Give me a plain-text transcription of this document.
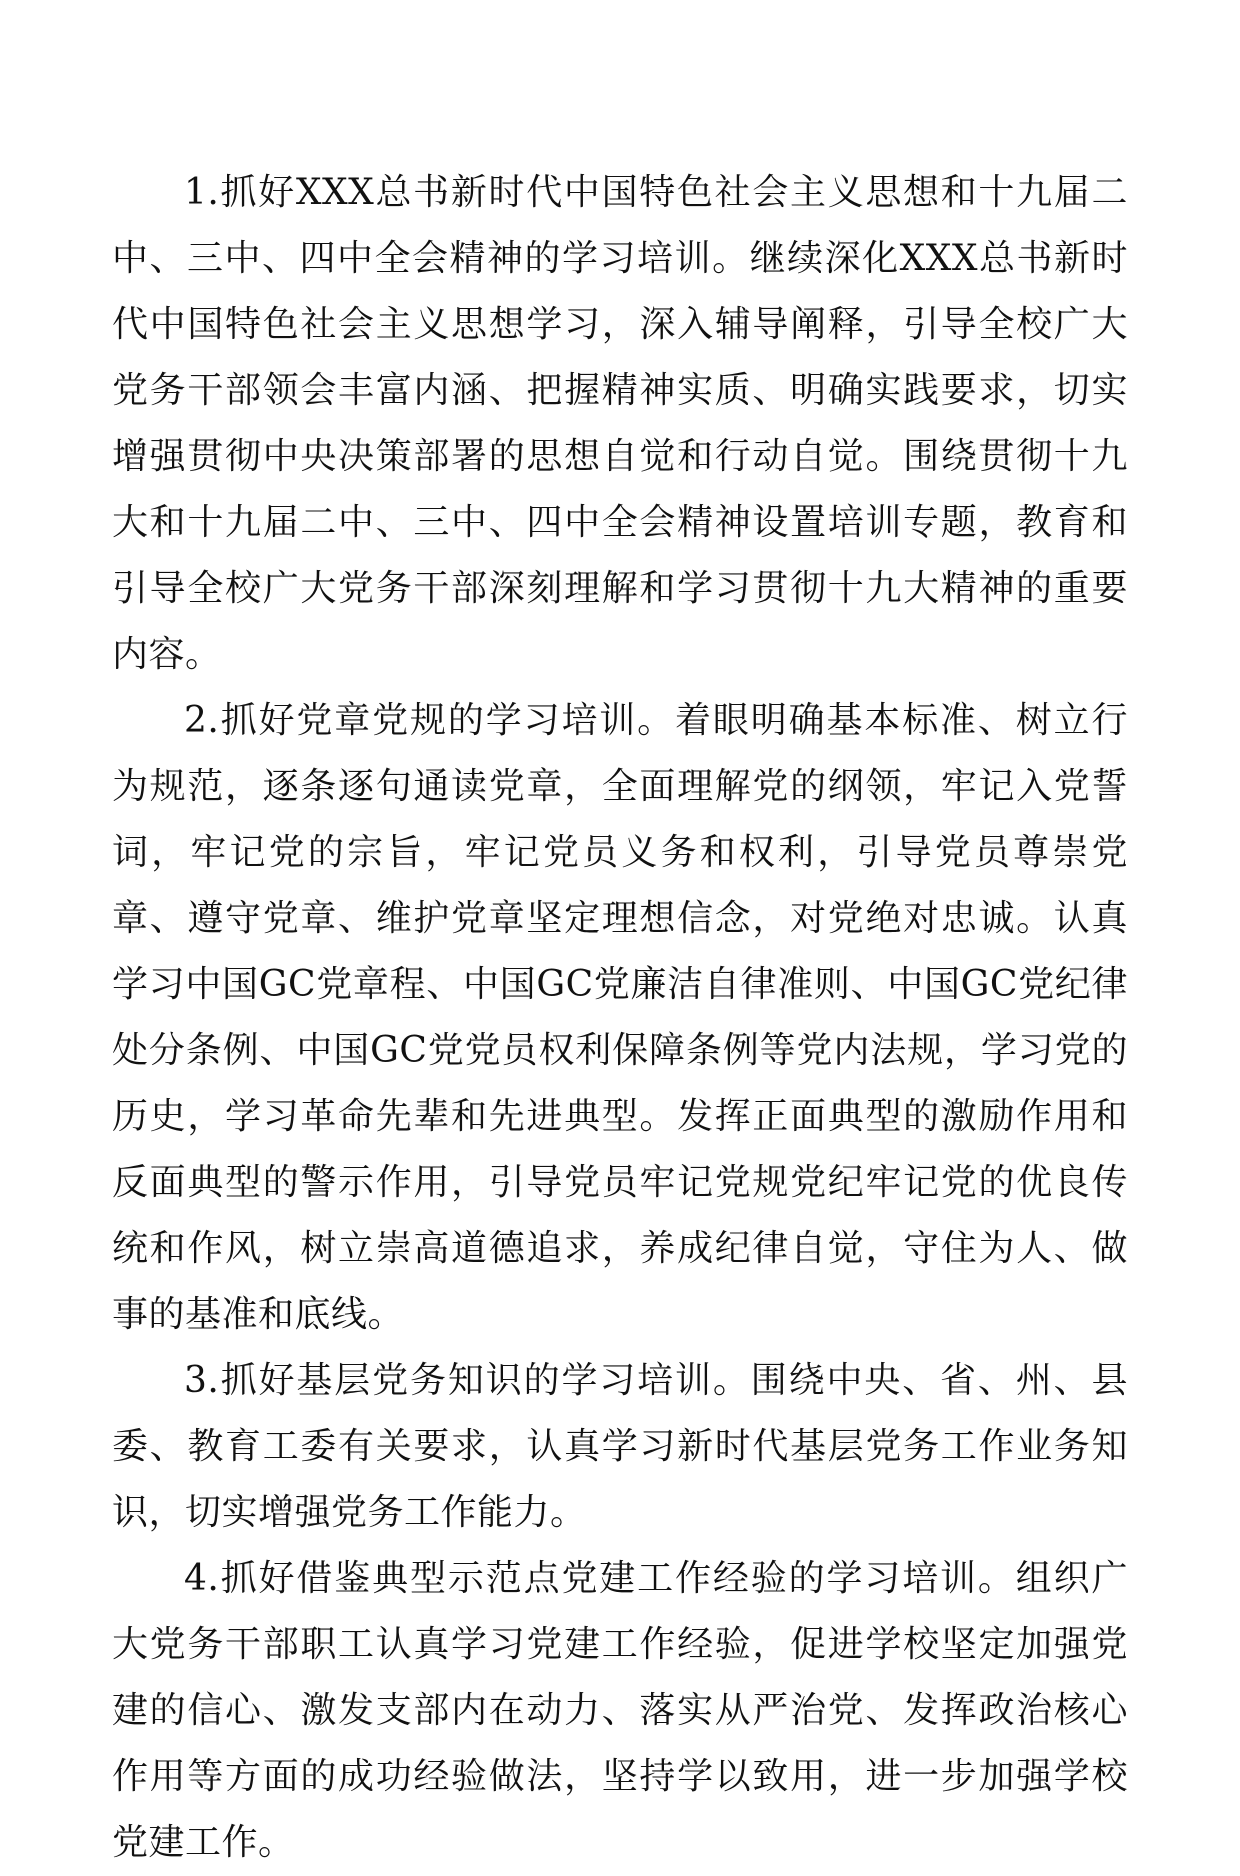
1.抓好XXX总书新时代中国特色社会主义思想和十九届二中、三中、四中全会精神的学习培训。继续深化XXX总书新时代中国特色社会主义思想学习，深入辅导阐释，引导全校广大党务干部领会丰富内涵、把握精神实质、明确实践要求，切实增强贯彻中央决策部署的思想自觉和行动自觉。围绕贯彻十九大和十九届二中、三中、四中全会精神设置培训专题，教育和引导全校广大党务干部深刻理解和学习贯彻十九大精神的重要内容。

2.抓好党章党规的学习培训。着眼明确基本标准、树立行为规范，逐条逐句通读党章，全面理解党的纲领，牢记入党誓词，牢记党的宗旨，牢记党员义务和权利，引导党员尊崇党章、遵守党章、维护党章坚定理想信念，对党绝对忠诚。认真学习中国GC党章程、中国GC党廉洁自律准则、中国GC党纪律处分条例、中国GC党党员权利保障条例等党内法规，学习党的历史，学习革命先辈和先进典型。发挥正面典型的激励作用和反面典型的警示作用，引导党员牢记党规党纪牢记党的优良传统和作风，树立崇高道德追求，养成纪律自觉，守住为人、做事的基准和底线。

3.抓好基层党务知识的学习培训。围绕中央、省、州、县委、教育工委有关要求，认真学习新时代基层党务工作业务知识，切实增强党务工作能力。

4.抓好借鉴典型示范点党建工作经验的学习培训。组织广大党务干部职工认真学习党建工作经验，促进学校坚定加强党建的信心、激发支部内在动力、落实从严治党、发挥政治核心作用等方面的成功经验做法，坚持学以致用，进一步加强学校党建工作。
